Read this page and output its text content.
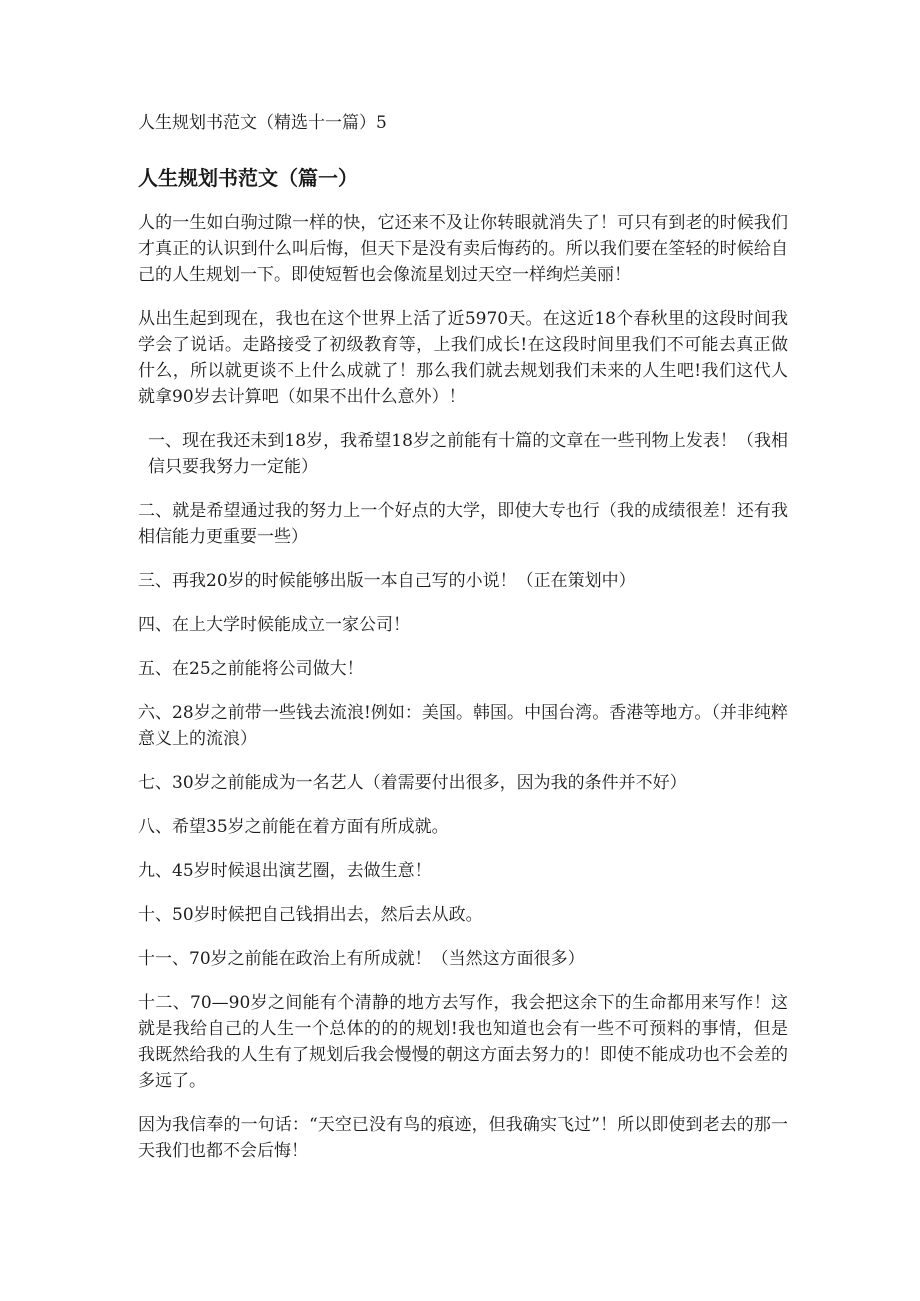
人生规划书范文（精选十一篇）5
人生规划书范文（篇一）

人的一生如白驹过隙一样的快，它还来不及让你转眼就消失了！可只有到老的时候我们才真正的认识到什么叫后悔，但天下是没有卖后悔药的。所以我们要在筌轻的时候给自己的人生规划一下。即使短暂也会像流星划过天空一样绚烂美丽！

从出生起到现在，我也在这个世界上活了近5970天。在这近18个春秋里的这段时间我学会了说话。走路接受了初级教育等，上我们成长!在这段时间里我们不可能去真正做什么，所以就更谈不上什么成就了！那么我们就去规划我们未来的人生吧!我们这代人就拿90岁去计算吧（如果不出什么意外）！

一、现在我还未到18岁，我希望18岁之前能有十篇的文章在一些刊物上发表！（我相信只要我努力一定能）

二、就是希望通过我的努力上一个好点的大学，即使大专也行（我的成绩很差！还有我相信能力更重要一些）

三、再我20岁的时候能够出版一本自己写的小说！（正在策划中）

四、在上大学时候能成立一家公司！

五、在25之前能将公司做大！

六、28岁之前带一些钱去流浪!例如：美国。韩国。中国台湾。香港等地方。（并非纯粹意义上的流浪）

七、30岁之前能成为一名艺人（着需要付出很多，因为我的条件并不好）

八、希望35岁之前能在着方面有所成就。

九、45岁时候退出演艺圈，去做生意！

十、50岁时候把自己钱捐出去，然后去从政。

十一、70岁之前能在政治上有所成就！（当然这方面很多）

十二、70—90岁之间能有个清静的地方去写作，我会把这余下的生命都用来写作！这就是我给自己的人生一个总体的的的规划!我也知道也会有一些不可预料的事情，但是我既然给我的人生有了规划后我会慢慢的朝这方面去努力的！即使不能成功也不会差的多远了。

因为我信奉的一句话：“天空已没有鸟的痕迹，但我确实飞过”！所以即使到老去的那一天我们也都不会后悔！
